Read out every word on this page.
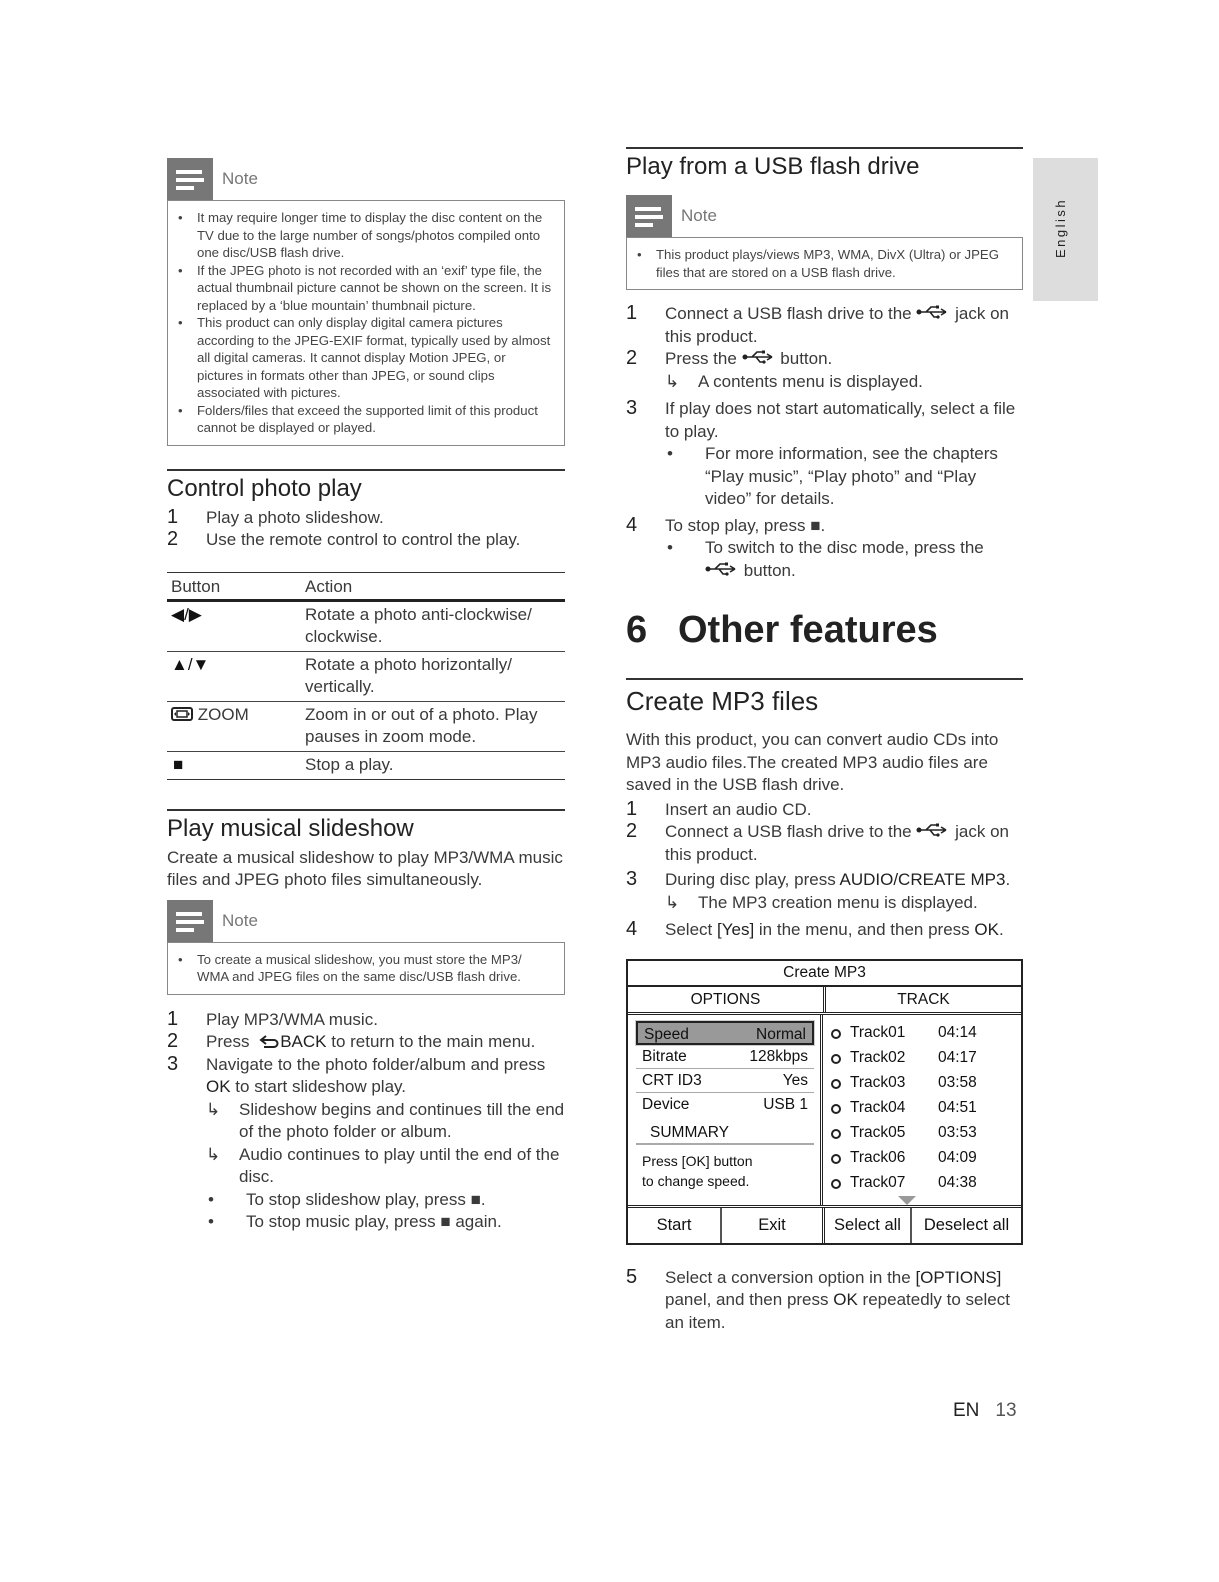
Note
• It may require longer time to display the disc content on the TV due to the large number of songs/photos compiled onto one disc/USB flash drive.
• If the JPEG photo is not recorded with an ‘exif’ type file, the actual thumbnail picture cannot be shown on the screen. It is replaced by a ‘blue mountain’ thumbnail picture.
• This product can only display digital camera pictures according to the JPEG-EXIF format, typically used by almost all digital cameras. It cannot display Motion JPEG, or pictures in formats other than JPEG, or sound clips associated with pictures.
• Folders/files that exceed the supported limit of this product cannot be displayed or played.
Control photo play
1 Play a photo slideshow.
2 Use the remote control to control the play.
Button	Action
◀/▶	Rotate a photo anti-clockwise/ clockwise.
▲/▼	Rotate a photo horizontally/ vertically.
ZOOM	Zoom in or out of a photo. Play pauses in zoom mode.
■	Stop a play.
Play musical slideshow

Create a musical slideshow to play MP3/WMA music files and JPEG photo files simultaneously.

Note
• To create a musical slideshow, you must store the MP3/ WMA and JPEG files on the same disc/USB flash drive.
1 Play MP3/WMA music.
2 Press BACK to return to the main menu.
3 Navigate to the photo folder/album and press OK to start slideshow play.
↳ Slideshow begins and continues till the end of the photo folder or album.
↳ Audio continues to play until the end of the disc.
• To stop slideshow play, press ■.
• To stop music play, press ■ again.
Play from a USB flash drive
Note
• This product plays/views MP3, WMA, DivX (Ultra) or JPEG files that are stored on a USB flash drive.
1 Connect a USB flash drive to the	jack on this product.
2 Press the	button.
↳ A contents menu is displayed.
3 If play does not start automatically, select a file to play.
• For more information, see the chapters “Play music”, “Play photo” and “Play video” for details.
4 To stop play, press ■.
• To switch to the disc mode, press the
button.
6 Other features
Create MP3 files

With this product, you can convert audio CDs into MP3 audio files.The created MP3 audio files are saved in the USB flash drive.

1 Insert an audio CD.
2 Connect a USB flash drive to the	jack on this product.
3 During disc play, press AUDIO/CREATE MP3.
↳ The MP3 creation menu is displayed.
4 Select [Yes] in the menu, and then press OK.
Create MP3
OPTIONS	TRACK
Speed	Normal
Bitrate	128kbps
CRT ID3	Yes
Device	USB 1
SUMMARY
Press [OK] button
to change speed.
Track01	04:14
Track02	04:17
Track03	03:58
Track04	04:51
Track05	03:53
Track06	04:09
Track07	04:38
Start	Exit	Select all	Deselect all
5 Select a conversion option in the [OPTIONS] panel, and then press OK repeatedly to select an item.
English
EN 13
